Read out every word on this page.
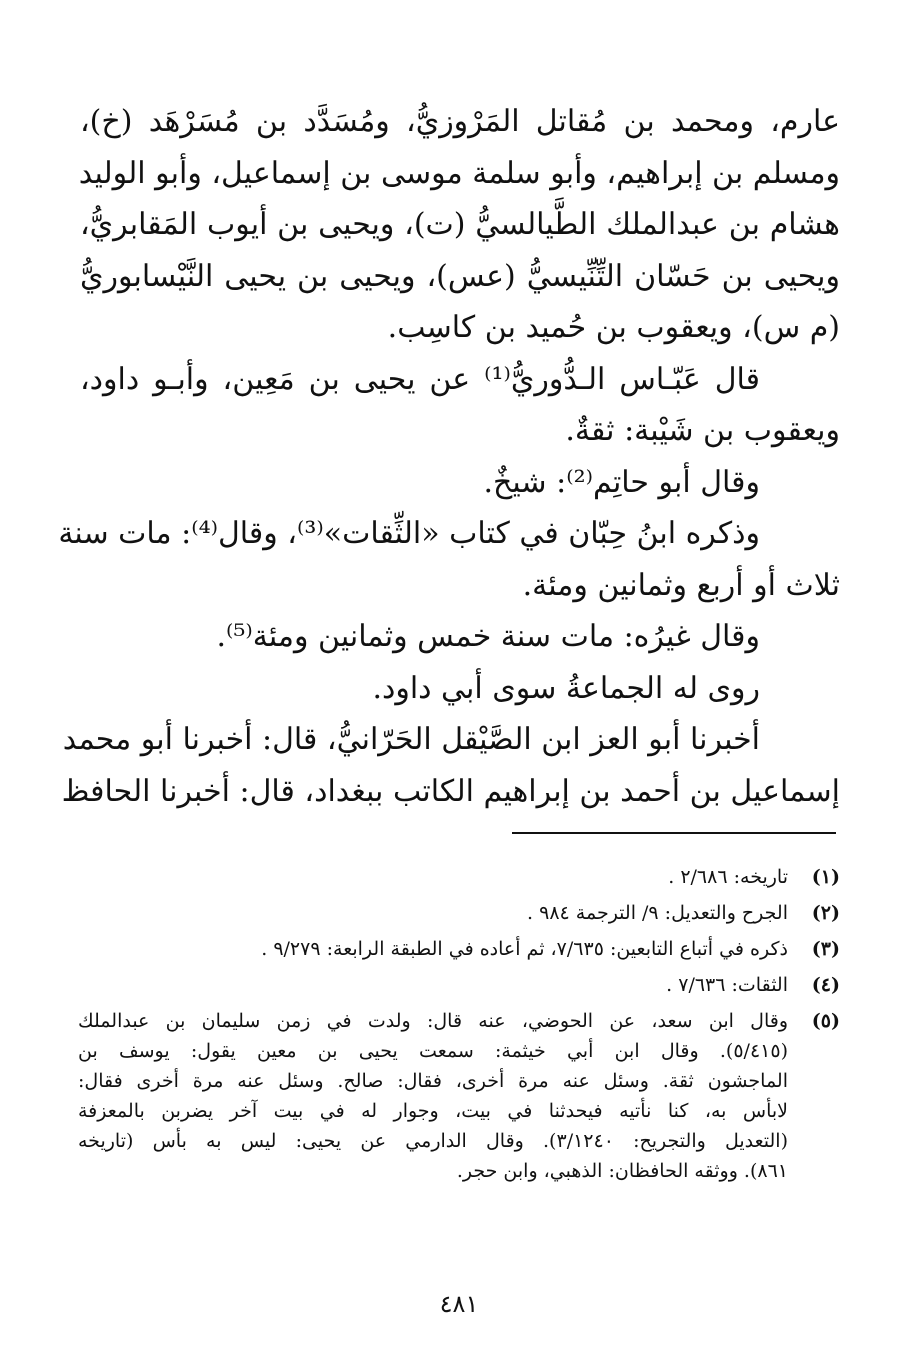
عارم، ومحمد بن مُقاتل المَرْوزيُّ، ومُسَدَّد بن مُسَرْهَد (خ)،
ومسلم بن إبراهيم، وأبو سلمة موسى بن إسماعيل، وأبو الوليد
هشام بن عبدالملك الطَّيالسيُّ (ت)، ويحيى بن أيوب المَقابريُّ،
ويحيى بن حَسّان التِّنِّيسيُّ (عس)، ويحيى بن يحيى النَّيْسابوريُّ
(م س)، ويعقوب بن حُميد بن كاسِب.
قال عَبّـاس الـدُّوريُّ⁽¹⁾ عن يحيى بن مَعِين، وأبـو داود،
ويعقوب بن شَيْبة: ثقةٌ.
وقال أبو حاتِم⁽²⁾: شيخٌ.
وذكره ابنُ حِبّان في كتاب «الثِّقات»⁽³⁾، وقال⁽⁴⁾: مات سنة
ثلاث أو أربع وثمانين ومئة.
وقال غيرُه: مات سنة خمس وثمانين ومئة⁽⁵⁾.
روى له الجماعةُ سوى أبي داود.
أخبرنا أبو العز ابن الصَّيْقل الحَرّانيُّ، قال: أخبرنا أبو محمد
إسماعيل بن أحمد بن إبراهيم الكاتب ببغداد، قال: أخبرنا الحافظ
(١)
تاريخه: ٢/٦٨٦ .
(٢)
الجرح والتعديل: ٩/ الترجمة ٩٨٤ .
(٣)
ذكره في أتباع التابعين: ٧/٦٣٥، ثم أعاده في الطبقة الرابعة: ٩/٢٧٩ .
(٤)
الثقات: ٧/٦٣٦ .
(٥)
وقال ابن سعد، عن الحوضي، عنه قال: ولدت في زمن سليمان بن عبدالملك
(٥/٤١٥). وقال ابن أبي خيثمة: سمعت يحيى بن معين يقول: يوسف بن
الماجشون ثقة. وسئل عنه مرة أخرى، فقال: صالح. وسئل عنه مرة أخرى فقال:
لابأس به، كنا نأتيه فيحدثنا في بيت، وجوار له في بيت آخر يضربن بالمعزفة
(التعديل والتجريح: ٣/١٢٤٠). وقال الدارمي عن يحيى: ليس به بأس (تاريخه
٨٦١). ووثقه الحافظان: الذهبي، وابن حجر.
٤٨١
